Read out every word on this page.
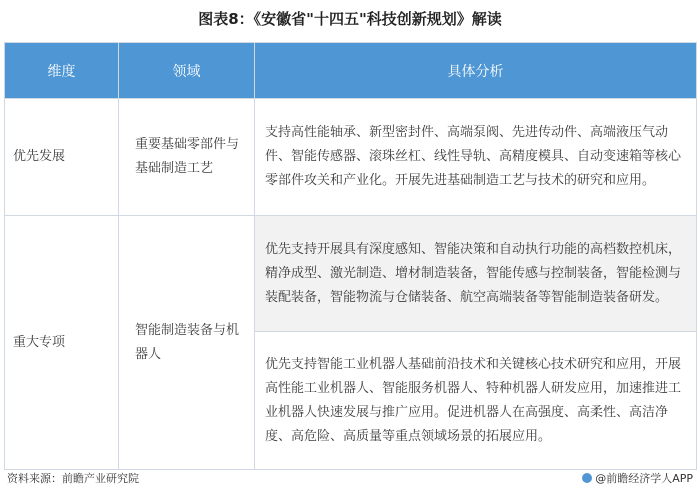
图表8：《安徽省"十四五"科技创新规划》解读
维度	领域	具体分析
优先发展	重要基础零部件与基础制造工艺	支持高性能轴承、新型密封件、高端泵阀、先进传动件、高端液压气动件、智能传感器、滚珠丝杠、线性导轨、高精度模具、自动变速箱等核心零部件攻关和产业化。开展先进基础制造工艺与技术的研究和应用。
重大专项	智能制造装备与机器人	优先支持开展具有深度感知、智能决策和自动执行功能的高档数控机床，精净成型、激光制造、增材制造装备，智能传感与控制装备，智能检测与装配装备，智能物流与仓储装备、航空高端装备等智能制造装备研发。
		优先支持智能工业机器人基础前沿技术和关键核心技术研究和应用，开展高性能工业机器人、智能服务机器人、特种机器人研发应用，加速推进工业机器人快速发展与推广应用。促进机器人在高强度、高柔性、高洁净度、高危险、高质量等重点领域场景的拓展应用。
资料来源：前瞻产业研究院	@前瞻经济学人APP
